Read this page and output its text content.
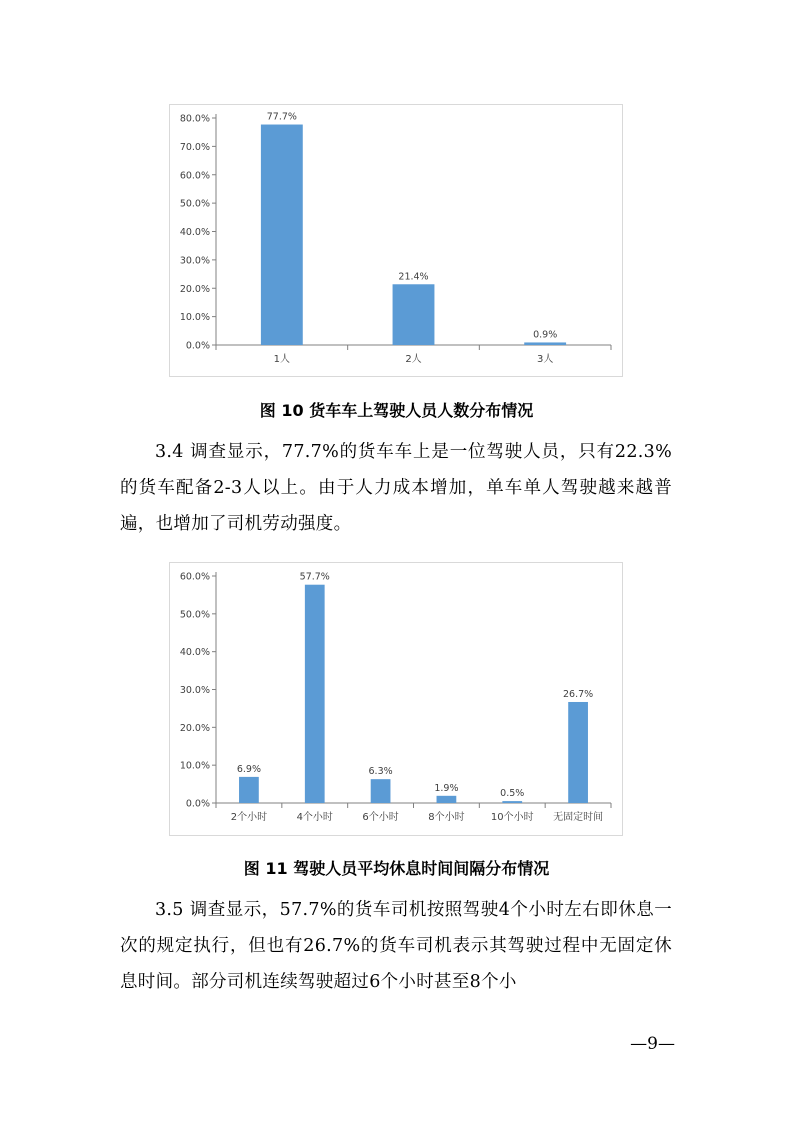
0.0%
10.0%
20.0%
30.0%
40.0%
50.0%
60.0%
70.0%
80.0%	77.7%
1人
21.4%
2人
0.9%
3人
图 10 货车车上驾驶人员人数分布情况

3.4 调查显示，77.7%的货车车上是一位驾驶人员，只有22.3%的货车配备2-3人以上。由于人力成本增加，单车单人驾驶越来越普遍，也增加了司机劳动强度。

0.0%
10.0%
20.0%
30.0%
40.0%
50.0%
60.0%
6.9%
2个小时
57.7%
4个小时
6.3%
6个小时
1.9%
8个小时
0.5%
10个小时
26.7%
无固定时间
图 11 驾驶人员平均休息时间间隔分布情况

3.5 调查显示，57.7%的货车司机按照驾驶4个小时左右即休息一次的规定执行，但也有26.7%的货车司机表示其驾驶过程中无固定休息时间。部分司机连续驾驶超过6个小时甚至8个小

—9—
